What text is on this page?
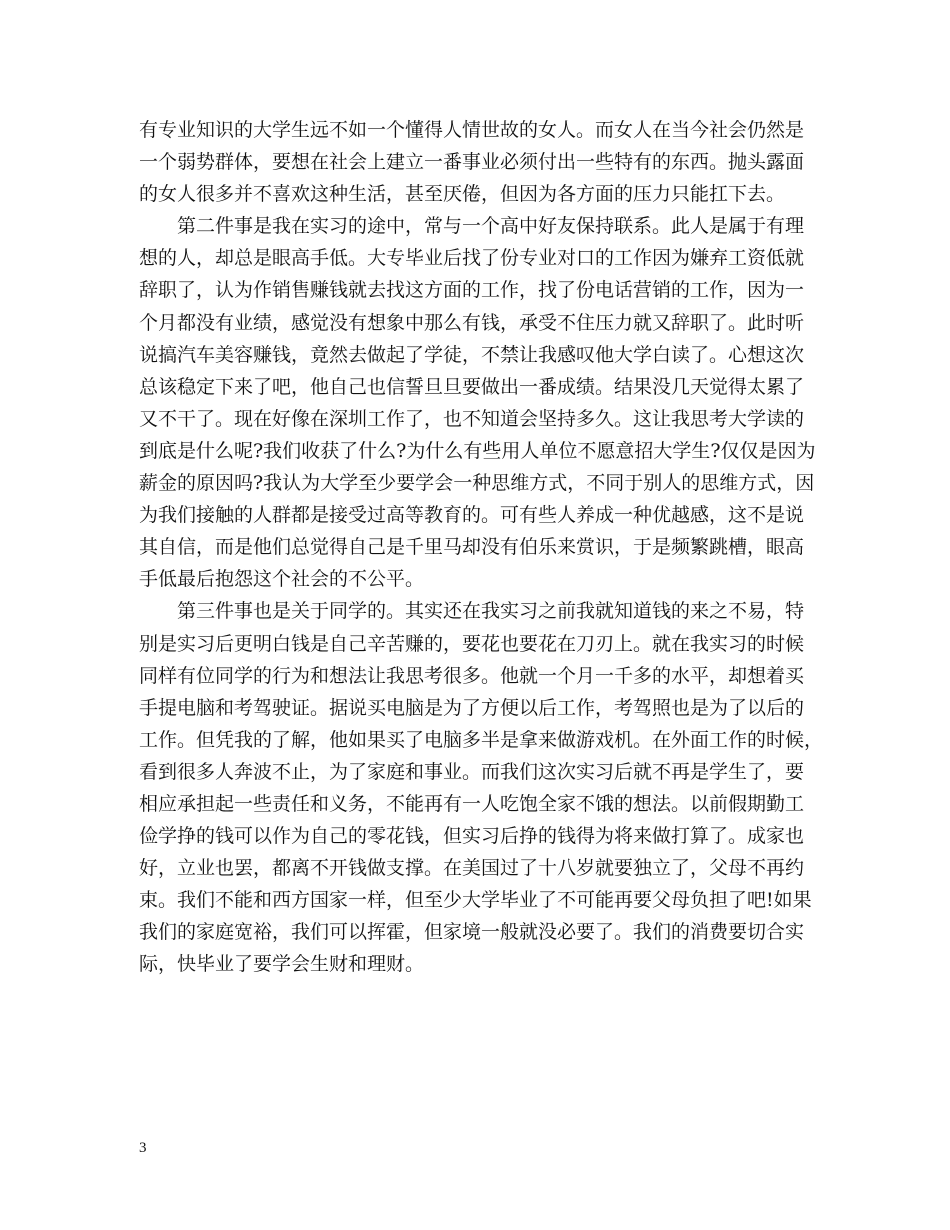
有专业知识的大学生远不如一个懂得人情世故的女人。而女人在当今社会仍然是
一个弱势群体，要想在社会上建立一番事业必须付出一些特有的东西。抛头露面
的女人很多并不喜欢这种生活，甚至厌倦，但因为各方面的压力只能扛下去。
　　第二件事是我在实习的途中，常与一个高中好友保持联系。此人是属于有理
想的人，却总是眼高手低。大专毕业后找了份专业对口的工作因为嫌弃工资低就
辞职了，认为作销售赚钱就去找这方面的工作，找了份电话营销的工作，因为一
个月都没有业绩，感觉没有想象中那么有钱，承受不住压力就又辞职了。此时听
说搞汽车美容赚钱，竟然去做起了学徒，不禁让我感叹他大学白读了。心想这次
总该稳定下来了吧，他自己也信誓旦旦要做出一番成绩。结果没几天觉得太累了
又不干了。现在好像在深圳工作了，也不知道会坚持多久。这让我思考大学读的
到底是什么呢?我们收获了什么?为什么有些用人单位不愿意招大学生?仅仅是因为
薪金的原因吗?我认为大学至少要学会一种思维方式，不同于别人的思维方式，因
为我们接触的人群都是接受过高等教育的。可有些人养成一种优越感，这不是说
其自信，而是他们总觉得自己是千里马却没有伯乐来赏识，于是频繁跳槽，眼高
手低最后抱怨这个社会的不公平。
　　第三件事也是关于同学的。其实还在我实习之前我就知道钱的来之不易，特
别是实习后更明白钱是自己辛苦赚的，要花也要花在刀刃上。就在我实习的时候
同样有位同学的行为和想法让我思考很多。他就一个月一千多的水平，却想着买
手提电脑和考驾驶证。据说买电脑是为了方便以后工作，考驾照也是为了以后的
工作。但凭我的了解，他如果买了电脑多半是拿来做游戏机。在外面工作的时候，
看到很多人奔波不止，为了家庭和事业。而我们这次实习后就不再是学生了，要
相应承担起一些责任和义务，不能再有一人吃饱全家不饿的想法。以前假期勤工
俭学挣的钱可以作为自己的零花钱，但实习后挣的钱得为将来做打算了。成家也
好，立业也罢，都离不开钱做支撑。在美国过了十八岁就要独立了，父母不再约
束。我们不能和西方国家一样，但至少大学毕业了不可能再要父母负担了吧!如果
我们的家庭宽裕，我们可以挥霍，但家境一般就没必要了。我们的消费要切合实
际，快毕业了要学会生财和理财。
3
